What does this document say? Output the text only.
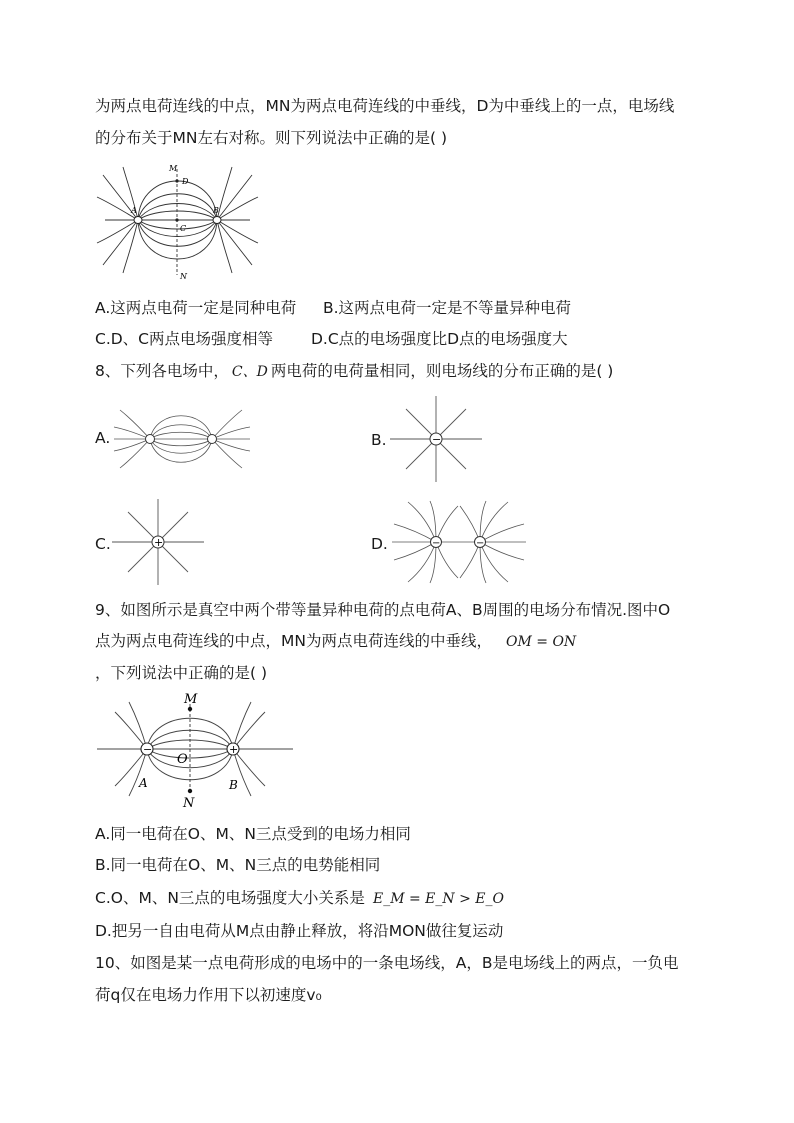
为两点电荷连线的中点，MN为两点电荷连线的中垂线，D为中垂线上的一点，电场线
的分布关于MN左右对称。则下列说法中正确的是( )
M
D
A	B
C
N
A.这两点电荷一定是同种电荷 B.这两点电荷一定是不等量异种电荷
C.D、C两点电场强度相等 D.C点的电场强度比D点的电场强度大
8、下列各电场中， C、D 两电荷的电荷量相同，则电场线的分布正确的是( )
A.	B.	−
C.	+	D.	−	−
9、如图所示是真空中两个带等量异种电荷的点电荷A、B周围的电场分布情况.图中O
点为两点电荷连线的中点，MN为两点电荷连线的中垂线， OM = ON
，下列说法中正确的是( )
−	+
M
O
A	B
N
A.同一电荷在O、M、N三点受到的电场力相同
B.同一电荷在O、M、N三点的电势能相同
C.O、M、N三点的电场强度大小关系是 E_M = E_N > E_O
D.把另一自由电荷从M点由静止释放，将沿MON做往复运动
10、如图是某一点电荷形成的电场中的一条电场线，A，B是电场线上的两点，一负电
荷q仅在电场力作用下以初速度v₀
